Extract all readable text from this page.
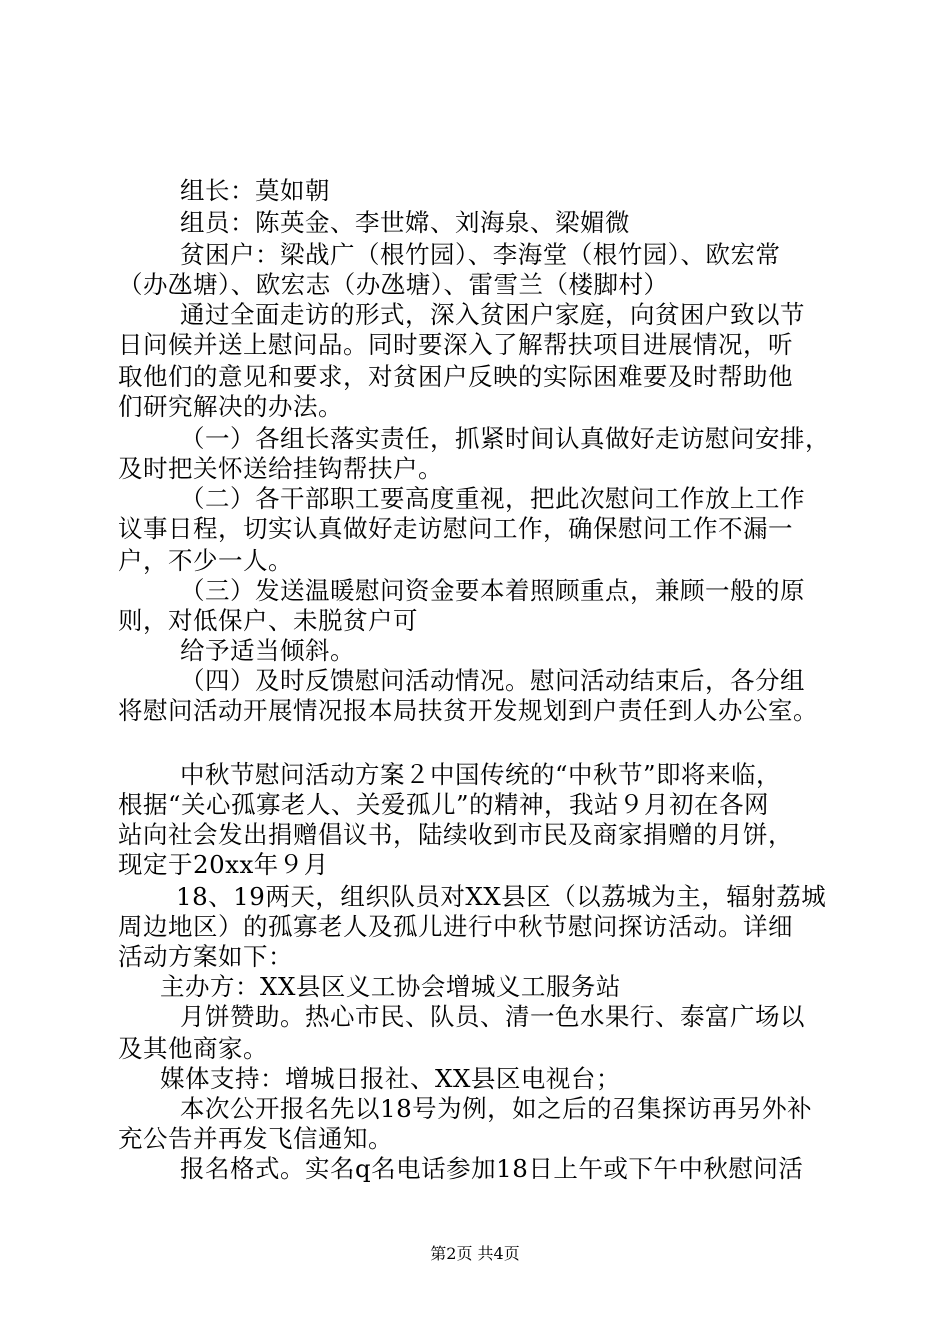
组长：莫如朝
组员：陈英金、李世嫦、刘海泉、梁媚微
贫困户：梁战广（根竹园）、李海堂（根竹园）、欧宏常
（办氹塘）、欧宏志（办氹塘）、雷雪兰（楼脚村）
通过全面走访的形式，深入贫困户家庭，向贫困户致以节
日问候并送上慰问品。同时要深入了解帮扶项目进展情况，听
取他们的意见和要求，对贫困户反映的实际困难要及时帮助他
们研究解决的办法。
（一）各组长落实责任，抓紧时间认真做好走访慰问安排，
及时把关怀送给挂钩帮扶户。
（二）各干部职工要高度重视，把此次慰问工作放上工作
议事日程，切实认真做好走访慰问工作，确保慰问工作不漏一
户，不少一人。
（三）发送温暖慰问资金要本着照顾重点，兼顾一般的原
则，对低保户、未脱贫户可
给予适当倾斜。
（四）及时反馈慰问活动情况。慰问活动结束后，各分组
将慰问活动开展情况报本局扶贫开发规划到户责任到人办公室。
中秋节慰问活动方案２中国传统的“中秋节”即将来临，
根据“关心孤寡老人、关爱孤儿”的精神，我站９月初在各网
站向社会发出捐赠倡议书，陆续收到市民及商家捐赠的月饼，
现定于20xx年９月
18、19两天，组织队员对XX县区（以荔城为主，辐射荔城
周边地区）的孤寡老人及孤儿进行中秋节慰问探访活动。详细
活动方案如下：
主办方：XX县区义工协会增城义工服务站
月饼赞助。热心市民、队员、清一色水果行、泰富广场以
及其他商家。
媒体支持：增城日报社、XX县区电视台；
本次公开报名先以18号为例，如之后的召集探访再另外补
充公告并再发飞信通知。
报名格式。实名q名电话参加18日上午或下午中秋慰问活
第2页 共4页
